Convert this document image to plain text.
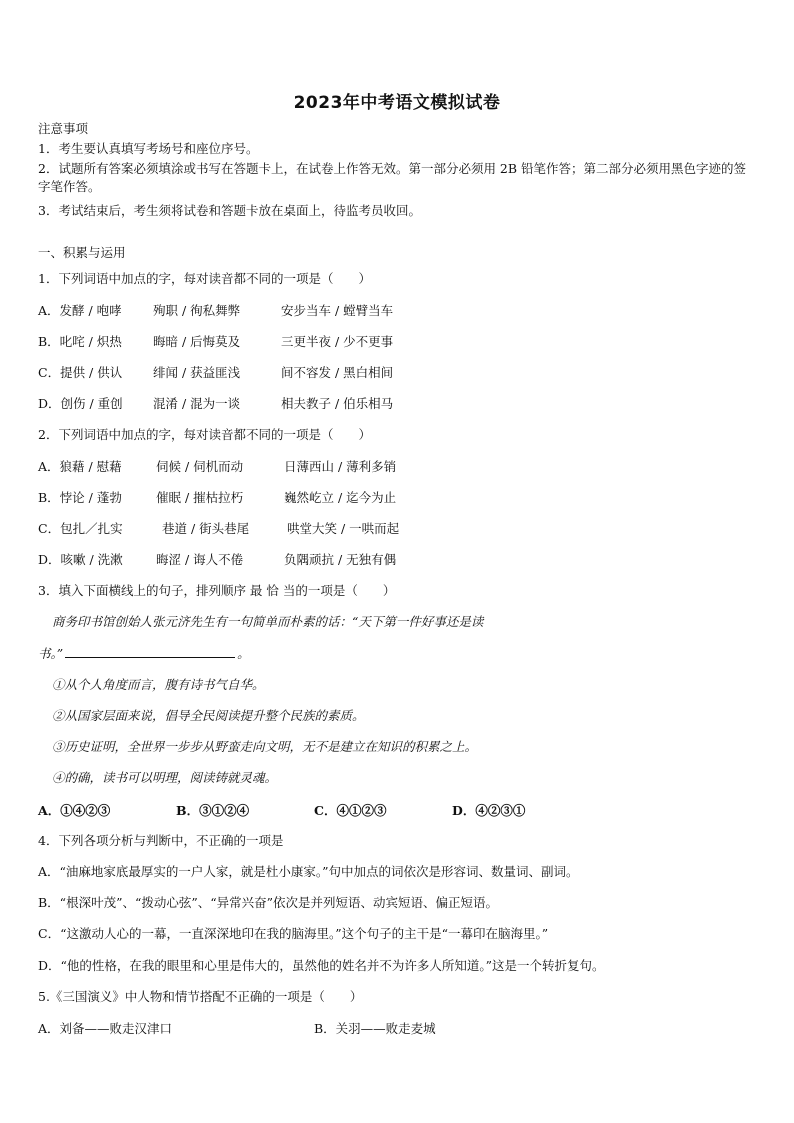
2023年中考语文模拟试卷
注意事项
1．考生要认真填写考场号和座位序号。
2．试题所有答案必须填涂或书写在答题卡上，在试卷上作答无效。第一部分必须用 2B 铅笔作答；第二部分必须用黑色字迹的签字笔作答。
3．考试结束后，考生须将试卷和答题卡放在桌面上，待监考员收回。
一、积累与运用
1．下列词语中加点的字，每对读音都不同的一项是（　　）
A．发酵 / 咆哮	殉职 / 徇私舞弊	安步当车 / 螳臂当车
B．叱咤 / 炽热 晦暗 / 后悔莫及	三更半夜 / 少不更事
C．提供 / 供认 绯闻 / 获益匪浅	间不容发 / 黑白相间
D．创伤 / 重创 混淆 / 混为一谈	相夫教子 / 伯乐相马
2．下列词语中加点的字，每对读音都不同的一项是（　　）
A．狼藉 / 慰藉	伺候 / 伺机而动	日薄西山 / 薄利多销
B．悖论 / 蓬勃	催眠 / 摧枯拉朽	巍然屹立 / 迄今为止
C．包扎／扎实	巷道 / 街头巷尾	哄堂大笑 / 一哄而起
D．咳嗽 / 洗漱	晦涩 / 诲人不倦	负隅顽抗 / 无独有偶
3．填入下面横线上的句子，排列顺序 最 恰 当的一项是（　　）
商务印书馆创始人张元济先生有一句简单而朴素的话：“天下第一件好事还是读
书。”	。
①从个人角度而言，腹有诗书气自华。
②从国家层面来说，倡导全民阅读提升整个民族的素质。
③历史证明，全世界一步步从野蛮走向文明，无不是建立在知识的积累之上。
④的确，读书可以明理，阅读铸就灵魂。
A．①④②③	B．③①②④	C．④①②③	D．④②③①
4．下列各项分析与判断中，不正确的一项是
A．“油麻地家底最厚实的一户人家，就是杜小康家。”句中加点的词依次是形容词、数量词、副词。
B．“根深叶茂”、“拨动心弦”、“异常兴奋”依次是并列短语、动宾短语、偏正短语。
C．“这激动人心的一幕，一直深深地印在我的脑海里。”这个句子的主干是“一幕印在脑海里。”
D．“他的性格，在我的眼里和心里是伟大的，虽然他的姓名并不为许多人所知道。”这是一个转折复句。
5.《三国演义》中人物和情节搭配不正确的一项是（　　）
A．刘备——败走汉津口	B．关羽——败走麦城
